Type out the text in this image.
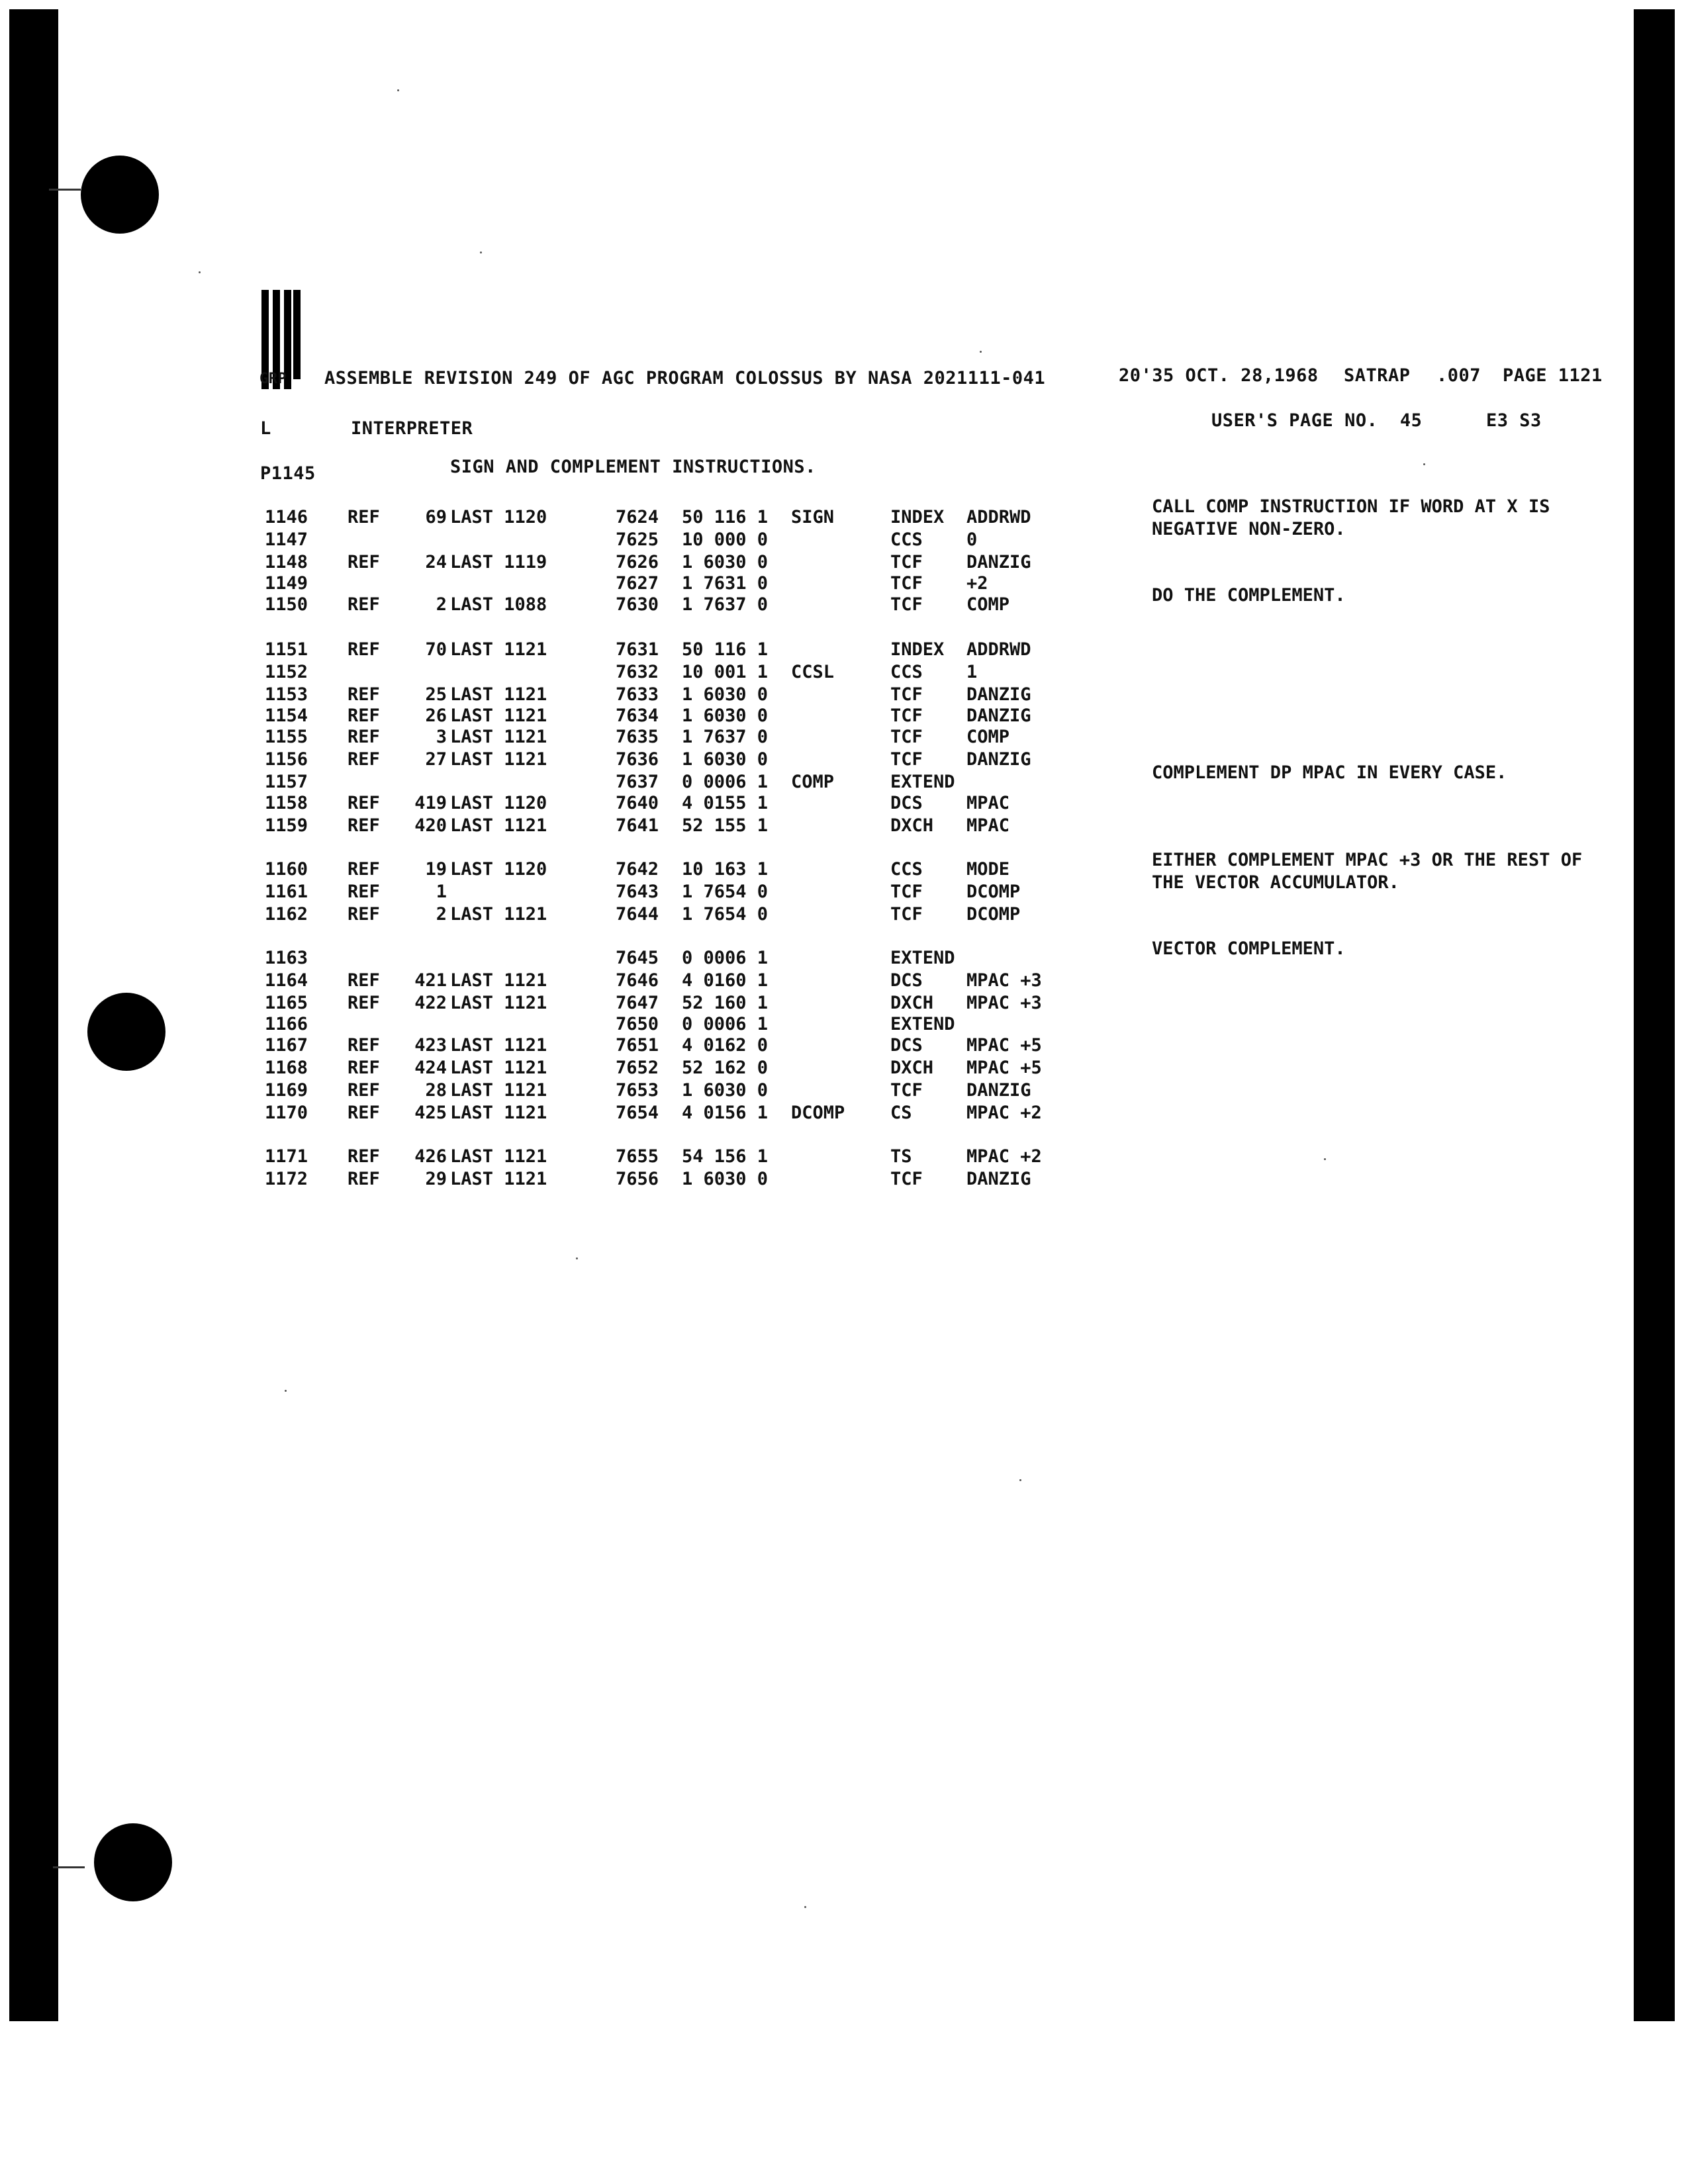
GRP ASSEMBLE REVISION 249 OF AGC PROGRAM COLOSSUS BY NASA 2021111-041	20'35 OCT. 28,1968 SATRAP .007 PAGE 1121
L	INTERPRETER	USER'S PAGE NO.  45	E3 S3
P1145	SIGN AND COMPLEMENT INSTRUCTIONS.
1146 REF	69 LAST 1120	7624 50 116 1 SIGN	INDEX ADDRWD
1147	7625 10 000 0	CCS 0
1148 REF	24 LAST 1119	7626 1 6030 0	TCF DANZIG
1149	7627 1 7631 0	TCF +2
1150 REF	2 LAST 1088	7630 1 7637 0	TCF COMP
1151 REF	70 LAST 1121	7631 50 116 1	INDEX ADDRWD
1152	7632 10 001 1 CCSL	CCS 1
1153 REF	25 LAST 1121	7633 1 6030 0	TCF DANZIG
1154 REF	26 LAST 1121	7634 1 6030 0	TCF DANZIG
1155 REF	3 LAST 1121	7635 1 7637 0	TCF COMP
1156 REF	27 LAST 1121	7636 1 6030 0	TCF DANZIG
1157	7637 0 0006 1 COMP	EXTEND
1158 REF	419 LAST 1120	7640 4 0155 1	DCS MPAC
1159 REF	420 LAST 1121	7641 52 155 1	DXCH MPAC
1160 REF	19 LAST 1120	7642 10 163 1	CCS MODE
1161 REF	1	7643 1 7654 0	TCF DCOMP
1162 REF	2 LAST 1121	7644 1 7654 0	TCF DCOMP
1163	7645 0 0006 1	EXTEND
1164 REF	421 LAST 1121	7646 4 0160 1	DCS MPAC +3
1165 REF	422 LAST 1121	7647 52 160 1	DXCH MPAC +3
1166	7650 0 0006 1	EXTEND
1167 REF	423 LAST 1121	7651 4 0162 0	DCS MPAC +5
1168 REF	424 LAST 1121	7652 52 162 0	DXCH MPAC +5
1169 REF	28 LAST 1121	7653 1 6030 0	TCF DANZIG
1170 REF	425 LAST 1121	7654 4 0156 1 DCOMP	CS	MPAC +2
1171 REF	426 LAST 1121	7655 54 156 1	TS	MPAC +2
1172 REF	29 LAST 1121	7656 1 6030 0	TCF DANZIG
CALL COMP INSTRUCTION IF WORD AT X IS
NEGATIVE NON-ZERO.
DO THE COMPLEMENT.
COMPLEMENT DP MPAC IN EVERY CASE.
EITHER COMPLEMENT MPAC +3 OR THE REST OF
THE VECTOR ACCUMULATOR.
VECTOR COMPLEMENT.
